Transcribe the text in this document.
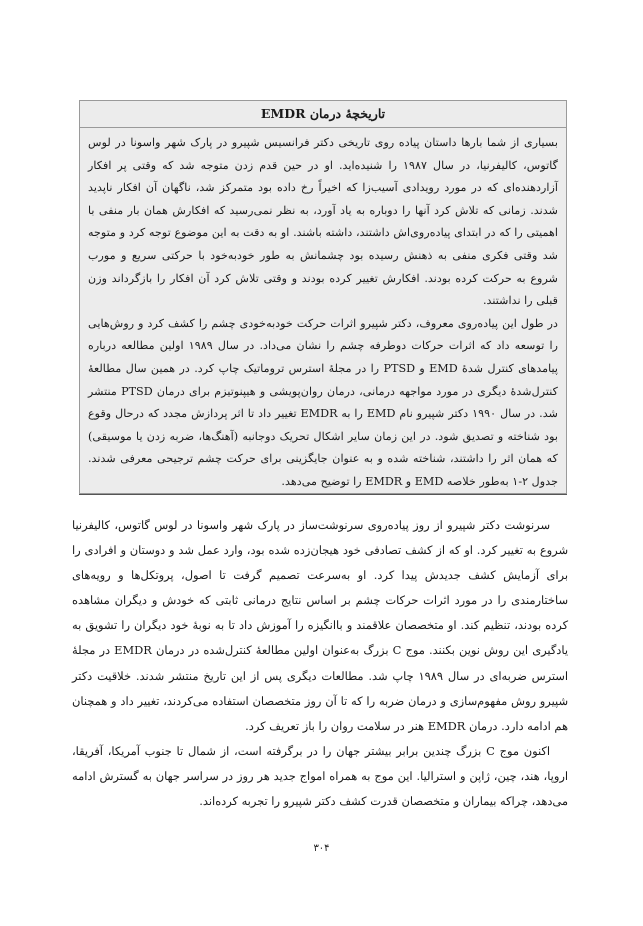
تاریخچهٔ درمان EMDR

بسیاری از شما بارها داستان پیاده روی تاریخی دکتر فرانسیس شپیرو در پارک شهر واسونا در لوس گاتوس، کالیفرنیا، در سال ۱۹۸۷ را شنیده‌اید. او در حین قدم زدن متوجه شد که وقتی پر افکار آزاردهنده‌ای که در مورد رویدادی آسیب‌زا که اخیراً رخ داده بود متمرکز شد، ناگهان آن افکار ناپدید شدند. زمانی که تلاش کرد آنها را دوباره به یاد آورد، به نظر نمی‌رسید که افکارش همان بار منفی با اهمیتی را که در ابتدای پیاده‌روی‌اش داشتند، داشته باشند. او به دقت به این موضوع توجه کرد و متوجه شد وقتی فکری منفی به ذهنش رسیده بود چشمانش به طور خودبه‌خود با حرکتی سریع و مورب شروع به حرکت کرده بودند. افکارش تغییر کرده بودند و وقتی تلاش کرد آن افکار را بازگرداند وزن قبلی را نداشتند.

در طول این پیاده‌روی معروف، دکتر شپیرو اثرات حرکت خودبه‌خودی چشم را کشف کرد و روش‌هایی را توسعه داد که اثرات حرکات دوطرفه چشم را نشان می‌داد. در سال ۱۹۸۹ اولین مطالعه درباره پیامدهای کنترل شدهٔ EMD و PTSD را در مجلهٔ استرس تروماتیک چاپ کرد. در همین سال مطالعهٔ کنترل‌شدهٔ دیگری در مورد مواجهه درمانی، درمان روان‌پویشی و هیپنوتیزم برای درمان PTSD منتشر شد. در سال ۱۹۹۰ دکتر شپیرو نام EMD را به EMDR تغییر داد تا اثر پردازش مجدد که درحال وقوع بود شناخته و تصدیق شود. در این زمان سایر اشکال تحریک دوجانبه (آهنگ‌ها، ضربه زدن یا موسیقی) که همان اثر را داشتند، شناخته شده و به عنوان جایگزینی برای حرکت چشم ترجیحی معرفی شدند. جدول ۲-۱ به‌طور خلاصه EMD و EMDR را توضیح می‌دهد.

سرنوشت دکتر شپیرو از روز پیاده‌روی سرنوشت‌ساز در پارک شهر واسونا در لوس گاتوس، کالیفرنیا شروع به تغییر کرد. او که از کشف تصادفی خود هیجان‌زده شده بود، وارد عمل شد و دوستان و افرادی را برای آزمایش کشف جدیدش پیدا کرد. او به‌سرعت تصمیم گرفت تا اصول، پروتکل‌ها و رویه‌های ساختارمندی را در مورد اثرات حرکات چشم بر اساس نتایج درمانی ثابتی که خودش و دیگران مشاهده کرده بودند، تنظیم کند. او متخصصان علاقمند و باانگیزه را آموزش داد تا به نوبهٔ خود دیگران را تشویق به یادگیری این روش نوین بکنند. موج C بزرگ به‌عنوان اولین مطالعهٔ کنترل‌شده در درمان EMDR در مجلهٔ استرس ضربه‌ای در سال ۱۹۸۹ چاپ شد. مطالعات دیگری پس از این تاریخ منتشر شدند. خلاقیت دکتر شپیرو روش مفهوم‌سازی و درمان ضربه را که تا آن روز متخصصان استفاده می‌کردند، تغییر داد و همچنان هم ادامه دارد. درمان EMDR هنر در سلامت روان را باز تعریف کرد.

اکنون موج C بزرگ چندین برابر بیشتر جهان را در برگرفته است، از شمال تا جنوب آمریکا، آفریقا، اروپا، هند، چین، ژاپن و استرالیا. این موج به همراه امواج جدید هر روز در سراسر جهان به گسترش ادامه می‌دهد، چراکه بیماران و متخصصان قدرت کشف دکتر شپیرو را تجربه کرده‌اند.

۳۰۴
